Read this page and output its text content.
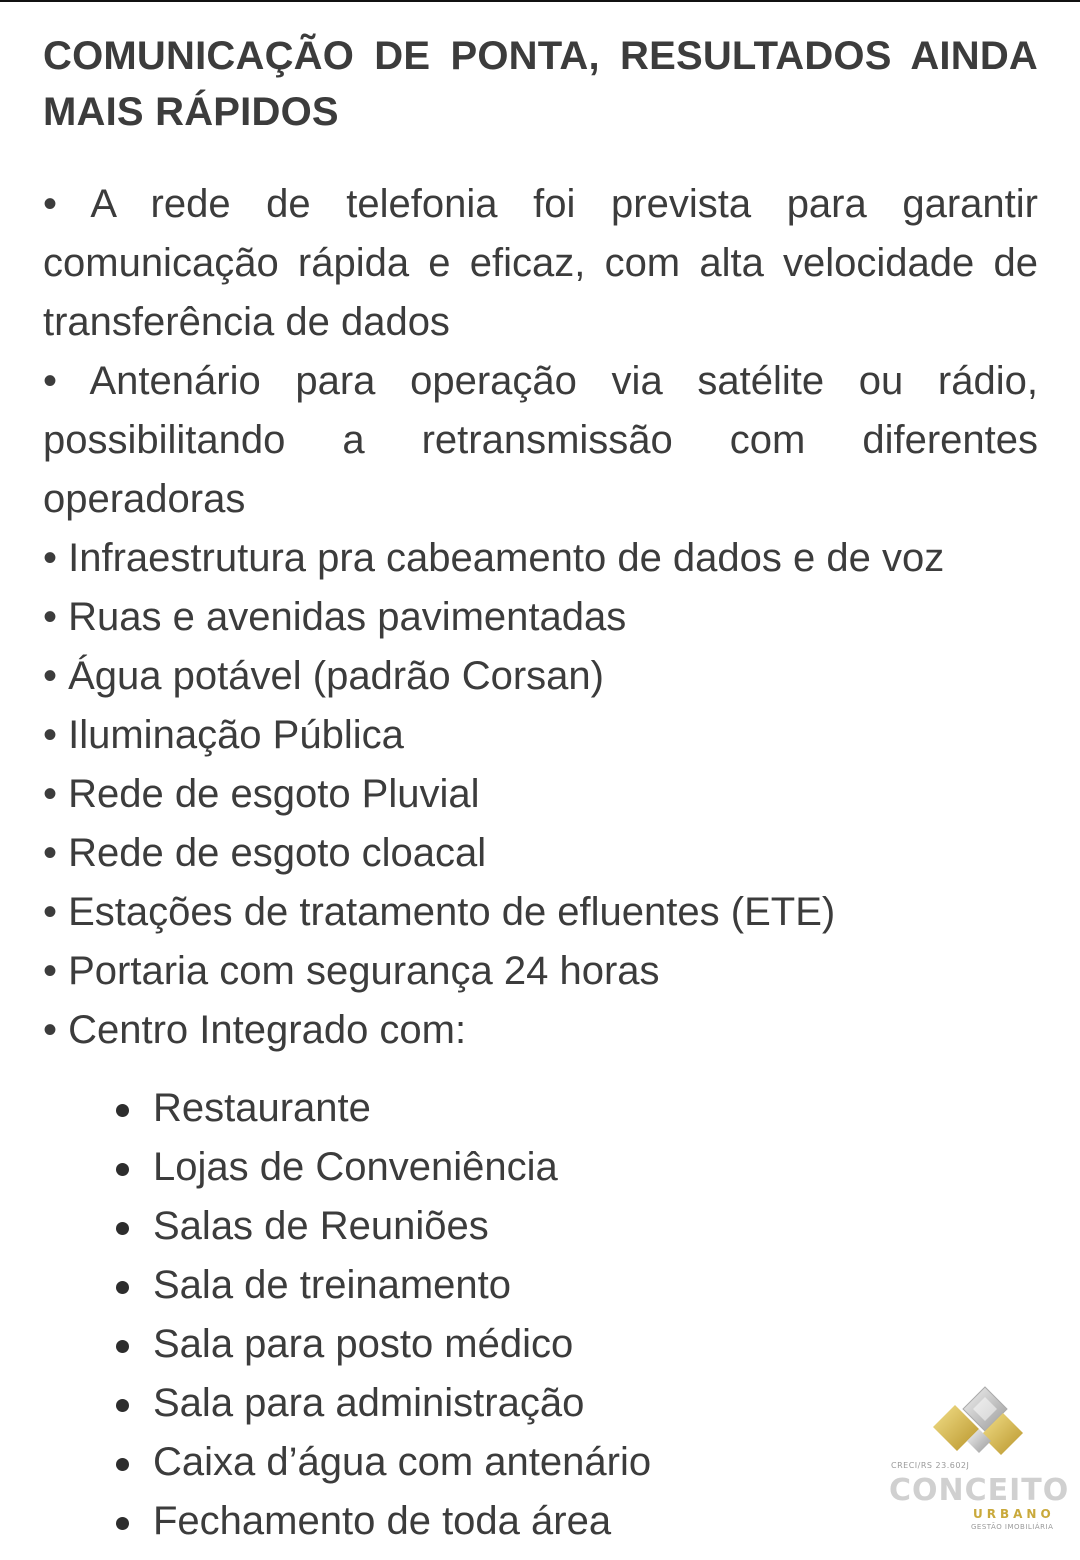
COMUNICAÇÃO DE PONTA, RESULTADOS AINDA MAIS RÁPIDOS

• A rede de telefonia foi prevista para garantir comunicação rápida e eficaz, com alta velocidade de transferência de dados

• Antenário para operação via satélite ou rádio, possibilitando a retransmissão com diferentes operadoras

• Infraestrutura pra cabeamento de dados e de voz

• Ruas e avenidas pavimentadas

• Água potável (padrão Corsan)

• Iluminação Pública

• Rede de esgoto Pluvial

• Rede de esgoto cloacal

• Estações de tratamento de efluentes (ETE)

• Portaria com segurança 24 horas

• Centro Integrado com:

Restaurante
Lojas de Conveniência
Salas de Reuniões
Sala de treinamento
Sala para posto médico
Sala para administração
Caixa d’água com antenário
Fechamento de toda área
CRECI/RS 23.602J
CONCEITO
URBANO
GESTÃO IMOBILIÁRIA
